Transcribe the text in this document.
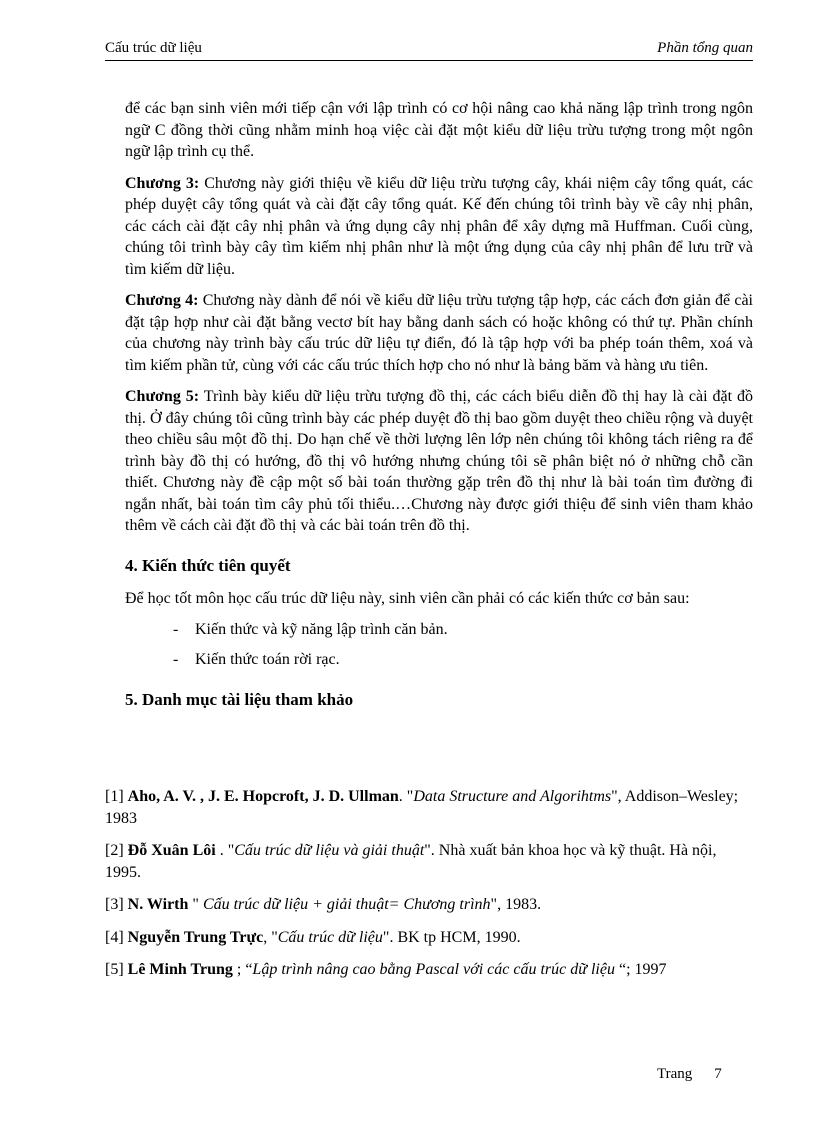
Cấu trúc dữ liệu	Phần tổng quan

để các bạn sinh viên mới tiếp cận với lập trình có cơ hội nâng cao khả năng lập trình trong ngôn ngữ C đồng thời cũng nhằm minh hoạ việc cài đặt một kiểu dữ liệu trừu tượng trong một ngôn ngữ lập trình cụ thể.

Chương 3: Chương này giới thiệu về kiểu dữ liệu trừu tượng cây, khái niệm cây tổng quát, các phép duyệt cây tổng quát và cài đặt cây tổng quát. Kế đến chúng tôi trình bày về cây nhị phân, các cách cài đặt cây nhị phân và ứng dụng cây nhị phân để xây dựng mã Huffman. Cuối cùng, chúng tôi trình bày cây tìm kiếm nhị phân như là một ứng dụng của cây nhị phân để lưu trữ và tìm kiếm dữ liệu.

Chương 4: Chương này dành để nói về kiểu dữ liệu trừu tượng tập hợp, các cách đơn giản để cài đặt tập hợp như cài đặt bằng vectơ bít hay bằng danh sách có hoặc không có thứ tự. Phần chính của chương này trình bày cấu trúc dữ liệu tự điển, đó là tập hợp với ba phép toán thêm, xoá và tìm kiếm phần tử, cùng với các cấu trúc thích hợp cho nó như là bảng băm và hàng ưu tiên.

Chương 5: Trình bày kiểu dữ liệu trừu tượng đồ thị, các cách biểu diễn đồ thị hay là cài đặt đồ thị. Ở đây chúng tôi cũng trình bày các phép duyệt đồ thị bao gồm duyệt theo chiều rộng và duyệt theo chiều sâu một đồ thị. Do hạn chế về thời lượng lên lớp nên chúng tôi không tách riêng ra để trình bày đồ thị có hướng, đồ thị vô hướng nhưng chúng tôi sẽ phân biệt nó ở những chỗ cần thiết. Chương này đề cập một số bài toán thường gặp trên đồ thị như là bài toán tìm đường đi ngắn nhất, bài toán tìm cây phủ tối thiểu.…Chương này được giới thiệu để sinh viên tham khảo thêm về cách cài đặt đồ thị và các bài toán trên đồ thị.

4. Kiến thức tiên quyết

Để học tốt môn học cấu trúc dữ liệu này, sinh viên cần phải có các kiến thức cơ bản sau:

- Kiến thức và kỹ năng lập trình căn bản.

- Kiến thức toán rời rạc.

5. Danh mục tài liệu tham khảo

[1] Aho, A. V. , J. E. Hopcroft, J. D. Ullman. "Data Structure and Algorihtms", Addison–Wesley; 1983

[2] Đỗ Xuân Lôi . "Cấu trúc dữ liệu và giải thuật". Nhà xuất bản khoa học và kỹ thuật. Hà nội, 1995.

[3] N. Wirth " Cấu trúc dữ liệu + giải thuật= Chương trình", 1983.

[4] Nguyễn Trung Trực, "Cấu trúc dữ liệu". BK tp HCM, 1990.

[5] Lê Minh Trung ; “Lập trình nâng cao bằng Pascal với các cấu trúc dữ liệu “; 1997

Trang 7
